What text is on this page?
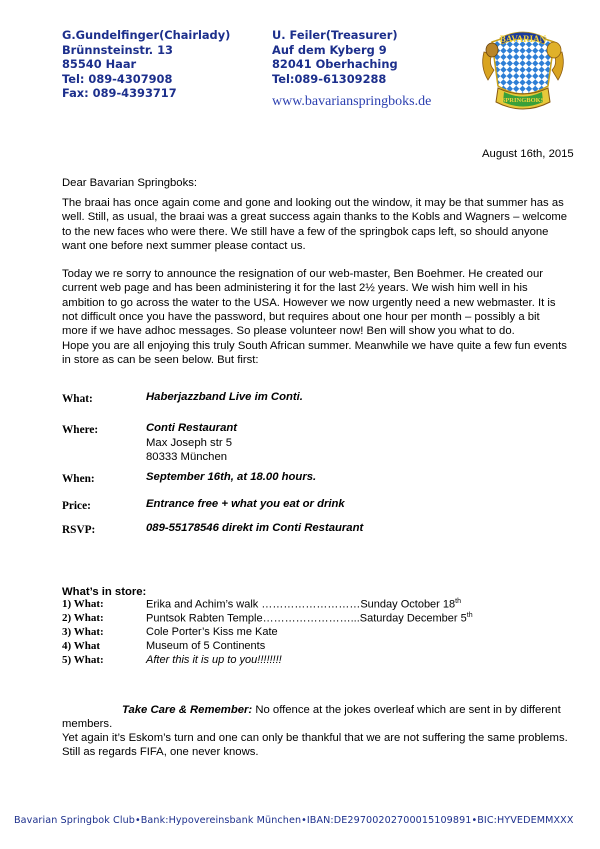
G.Gundelfinger(Chairlady)
Brünnsteinstr. 13
85540 Haar
Tel: 089-4307908
Fax: 089-4393717
U. Feiler(Treasurer)
Auf dem Kyberg 9
82041 Oberhaching
Tel:089-61309288
www.bavarianspringboks.de
BAVARIAN
SPRINGBOKS
August 16th, 2015
Dear Bavarian Springboks:
The braai has once again come and gone and looking out the window, it may be that summer has as well. Still, as usual, the braai was a great success again thanks to the Kobls and Wagners – welcome to the new faces who were there. We still have a few of the springbok caps left, so should anyone want one before next summer please contact us.
Today we re sorry to announce the resignation of our web-master, Ben Boehmer. He created our current web page and has been administering it for the last 2½ years. We wish him well in his ambition to go across the water to the USA. However we now urgently need a new webmaster. It is not difficult once you have the password, but requires about one hour per month – possibly a bit more if we have adhoc messages. So please volunteer now! Ben will show you what to do.
Hope you are all enjoying this truly South African summer. Meanwhile we have quite a few fun events in store as can be seen below. But first:
What:	Haberjazzband Live im Conti.
Where:	Conti Restaurant
Max Joseph str 5
80333 München
When:	September 16th, at 18.00 hours.
Price:	Entrance free + what you eat or drink
RSVP:	089-55178546 direkt im Conti Restaurant
What’s in store:
1) What:	Erika and Achim’s walk ………………………Sunday October 18th
2) What:	Puntsok Rabten Temple……………………...Saturday December 5th
3) What:	Cole Porter’s Kiss me Kate
4) What	Museum of 5 Continents
5) What:	After this it is up to you!!!!!!!!
Take Care & Remember: No offence at the jokes overleaf which are sent in by different members.
Yet again it’s Eskom’s turn and one can only be thankful that we are not suffering the same problems. Still as regards FIFA, one never knows.
Bavarian Springbok Club•Bank:Hypovereinsbank München•IBAN:DE29700202700015109891•BIC:HYVEDEMMXXX
